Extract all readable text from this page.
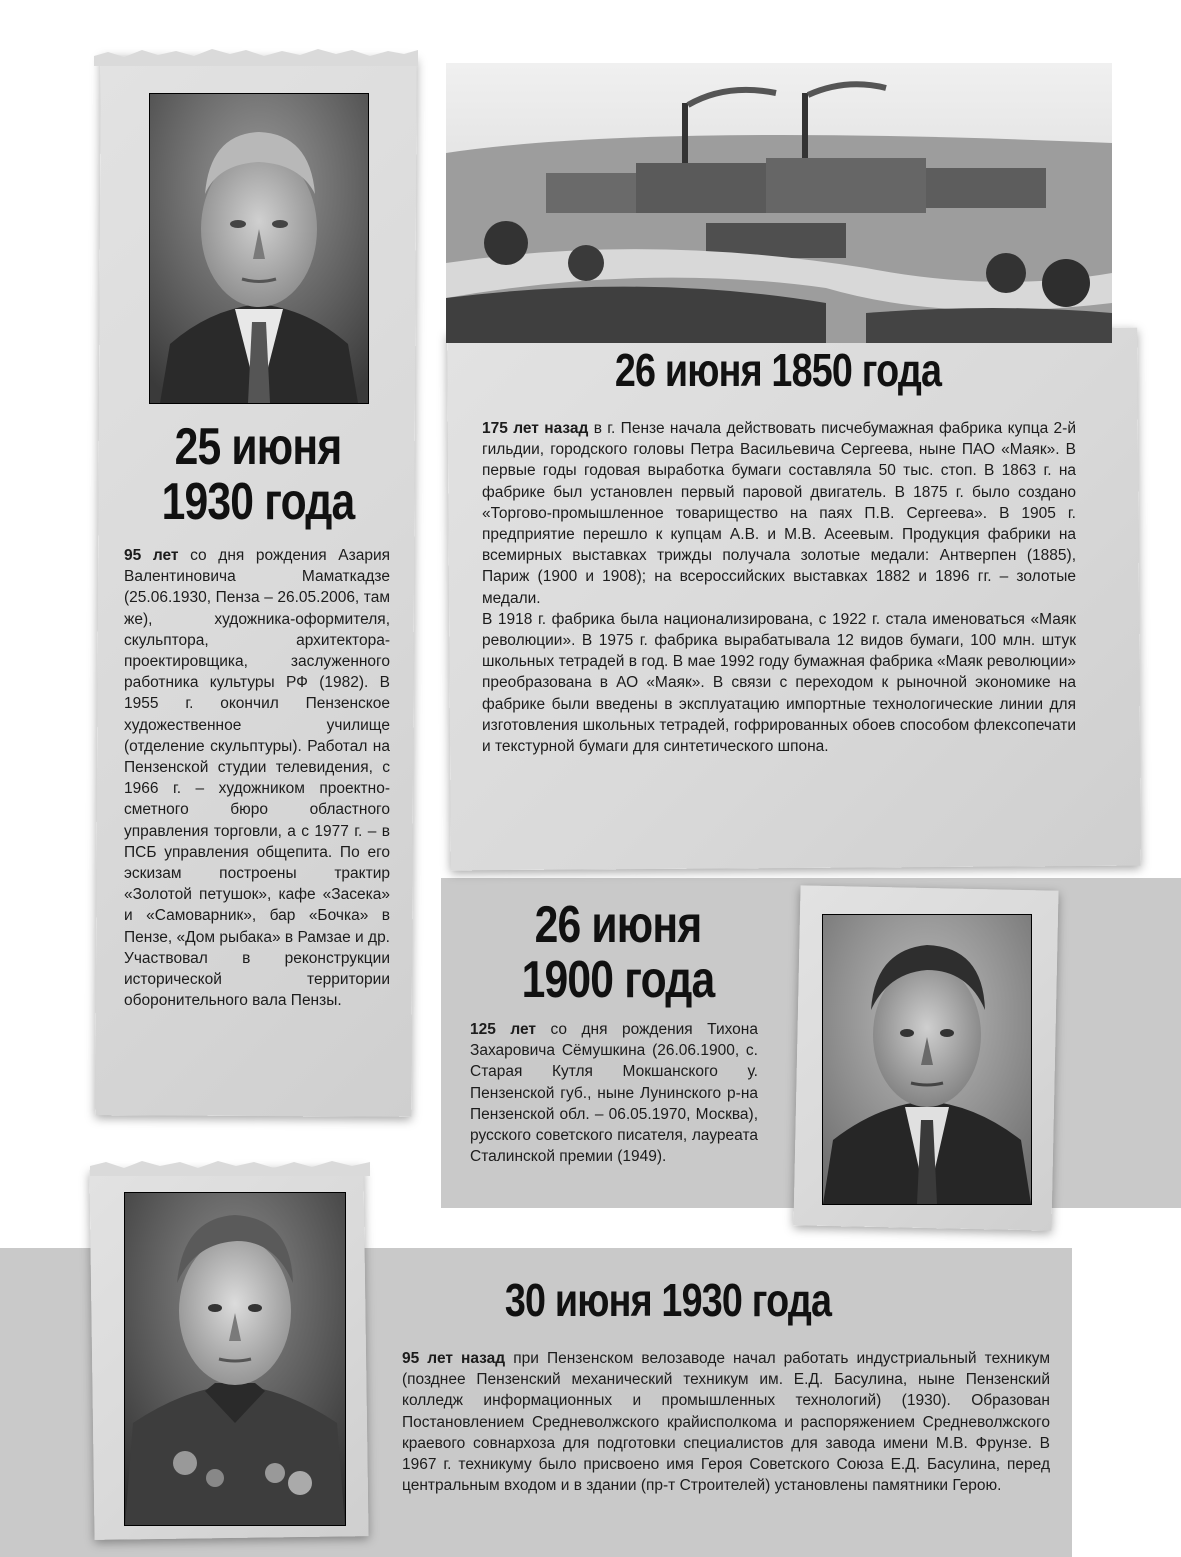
25 июня
1930 года

95 лет со дня рождения Азария Валентиновича Маматкадзе (25.06.1930, Пенза – 26.05.2006, там же), художника-оформителя, скульптора, архитектора-проектировщика, заслуженного работника культуры РФ (1982). В 1955 г. окончил Пензенское художественное училище (отделение скульптуры). Работал на Пензенской студии телевидения, с 1966 г. – художником проектно-сметного бюро областного управления торговли, а с 1977 г. – в ПСБ управления общепита. По его эскизам построены трактир «Золотой петушок», кафе «Засека» и «Самоварник», бар «Бочка» в Пензе, «Дом рыбака» в Рамзае и др. Участвовал в реконструкции исторической территории оборонительного вала Пензы.

26 июня 1850 года

175 лет назад в г. Пензе начала действовать писчебумажная фабрика купца 2-й гильдии, городского головы Петра Васильевича Сергеева, ныне ПАО «Маяк». В первые годы годовая выработка бумаги составляла 50 тыс. стоп. В 1863 г. на фабрике был установлен первый паровой двигатель. В 1875 г. было создано «Торгово-промышленное товарищество на паях П.В. Сергеева». В 1905 г. предприятие перешло к купцам А.В. и М.В. Асеевым. Продукция фабрики на всемирных выставках трижды получала золотые медали: Антверпен (1885), Париж (1900 и 1908); на всероссийских выставках 1882 и 1896 гг. – золотые медали.
В 1918 г. фабрика была национализирована, с 1922 г. стала именоваться «Маяк революции». В 1975 г. фабрика вырабатывала 12 видов бумаги, 100 млн. штук школьных тетрадей в год. В мае 1992 году бумажная фабрика «Маяк революции» преобразована в АО «Маяк». В связи с переходом к рыночной экономике на фабрике были введены в эксплуатацию импортные технологические линии для изготовления школьных тетрадей, гофрированных обоев способом флексопечати и текстурной бумаги для синтетического шпона.

26 июня
1900 года

125 лет со дня рождения Тихона Захаровича Сёмушкина (26.06.1900, с. Старая Кутля Мокшанского у. Пензенской губ., ныне Лунинского р-на Пензенской обл. – 06.05.1970, Москва), русского советского писателя, лауреата Сталинской премии (1949).

30 июня 1930 года

95 лет назад при Пензенском велозаводе начал работать индустриальный техникум (позднее Пензенский механический техникум им. Е.Д. Басулина, ныне Пензенский колледж информационных и промышленных технологий) (1930). Образован Постановлением Средневолжского крайисполкома и распоряжением Средневолжского краевого совнархоза для подготовки специалистов для завода имени М.В. Фрунзе. В 1967 г. техникуму было присвоено имя Героя Советского Союза Е.Д. Басулина, перед центральным входом и в здании (пр-т Строителей) установлены памятники Герою.
